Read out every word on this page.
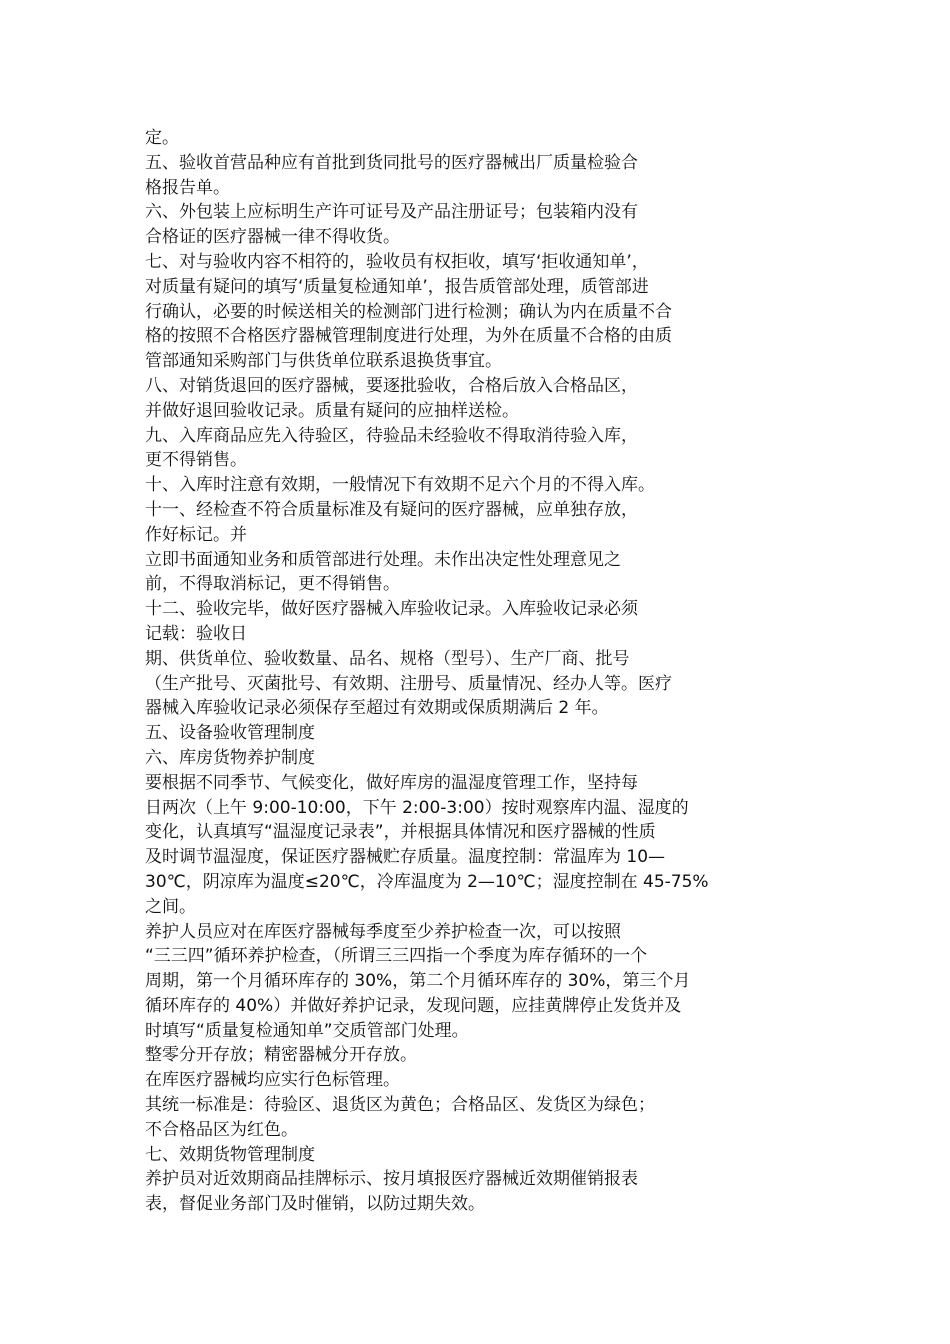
定。
五、验收首营品种应有首批到货同批号的医疗器械出厂质量检验合
格报告单。
六、外包装上应标明生产许可证号及产品注册证号；包装箱内没有
合格证的医疗器械一律不得收货。
七、对与验收内容不相符的，验收员有权拒收，填写‘拒收通知单’，
对质量有疑问的填写‘质量复检通知单’，报告质管部处理，质管部进
行确认，必要的时候送相关的检测部门进行检测；确认为内在质量不合
格的按照不合格医疗器械管理制度进行处理，为外在质量不合格的由质
管部通知采购部门与供货单位联系退换货事宜。
八、对销货退回的医疗器械，要逐批验收，合格后放入合格品区，
并做好退回验收记录。质量有疑问的应抽样送检。
九、入库商品应先入待验区，待验品未经验收不得取消待验入库，
更不得销售。
十、入库时注意有效期，一般情况下有效期不足六个月的不得入库。
十一、经检查不符合质量标准及有疑问的医疗器械，应单独存放，
作好标记。并
立即书面通知业务和质管部进行处理。未作出决定性处理意见之
前，不得取消标记，更不得销售。
十二、验收完毕，做好医疗器械入库验收记录。入库验收记录必须
记载：验收日
期、供货单位、验收数量、品名、规格（型号）、生产厂商、批号
（生产批号、灭菌批号、有效期、注册号、质量情况、经办人等。医疗
器械入库验收记录必须保存至超过有效期或保质期满后 2 年。
五、设备验收管理制度
六、库房货物养护制度
要根据不同季节、气候变化，做好库房的温湿度管理工作，坚持每
日两次（上午 9:00-10:00，下午 2:00-3:00）按时观察库内温、湿度的
变化，认真填写“温湿度记录表”，并根据具体情况和医疗器械的性质
及时调节温湿度，保证医疗器械贮存质量。温度控制：常温库为 10—
30℃，阴凉库为温度≤20℃，冷库温度为 2—10℃；湿度控制在 45-75%
之间。
养护人员应对在库医疗器械每季度至少养护检查一次，可以按照
“三三四”循环养护检查，（所谓三三四指一个季度为库存循环的一个
周期，第一个月循环库存的 30%，第二个月循环库存的 30%，第三个月
循环库存的 40%）并做好养护记录，发现问题，应挂黄牌停止发货并及
时填写“质量复检通知单”交质管部门处理。
整零分开存放；精密器械分开存放。
在库医疗器械均应实行色标管理。
其统一标准是：待验区、退货区为黄色；合格品区、发货区为绿色；
不合格品区为红色。
七、效期货物管理制度
养护员对近效期商品挂牌标示、按月填报医疗器械近效期催销报表
表，督促业务部门及时催销，以防过期失效。
